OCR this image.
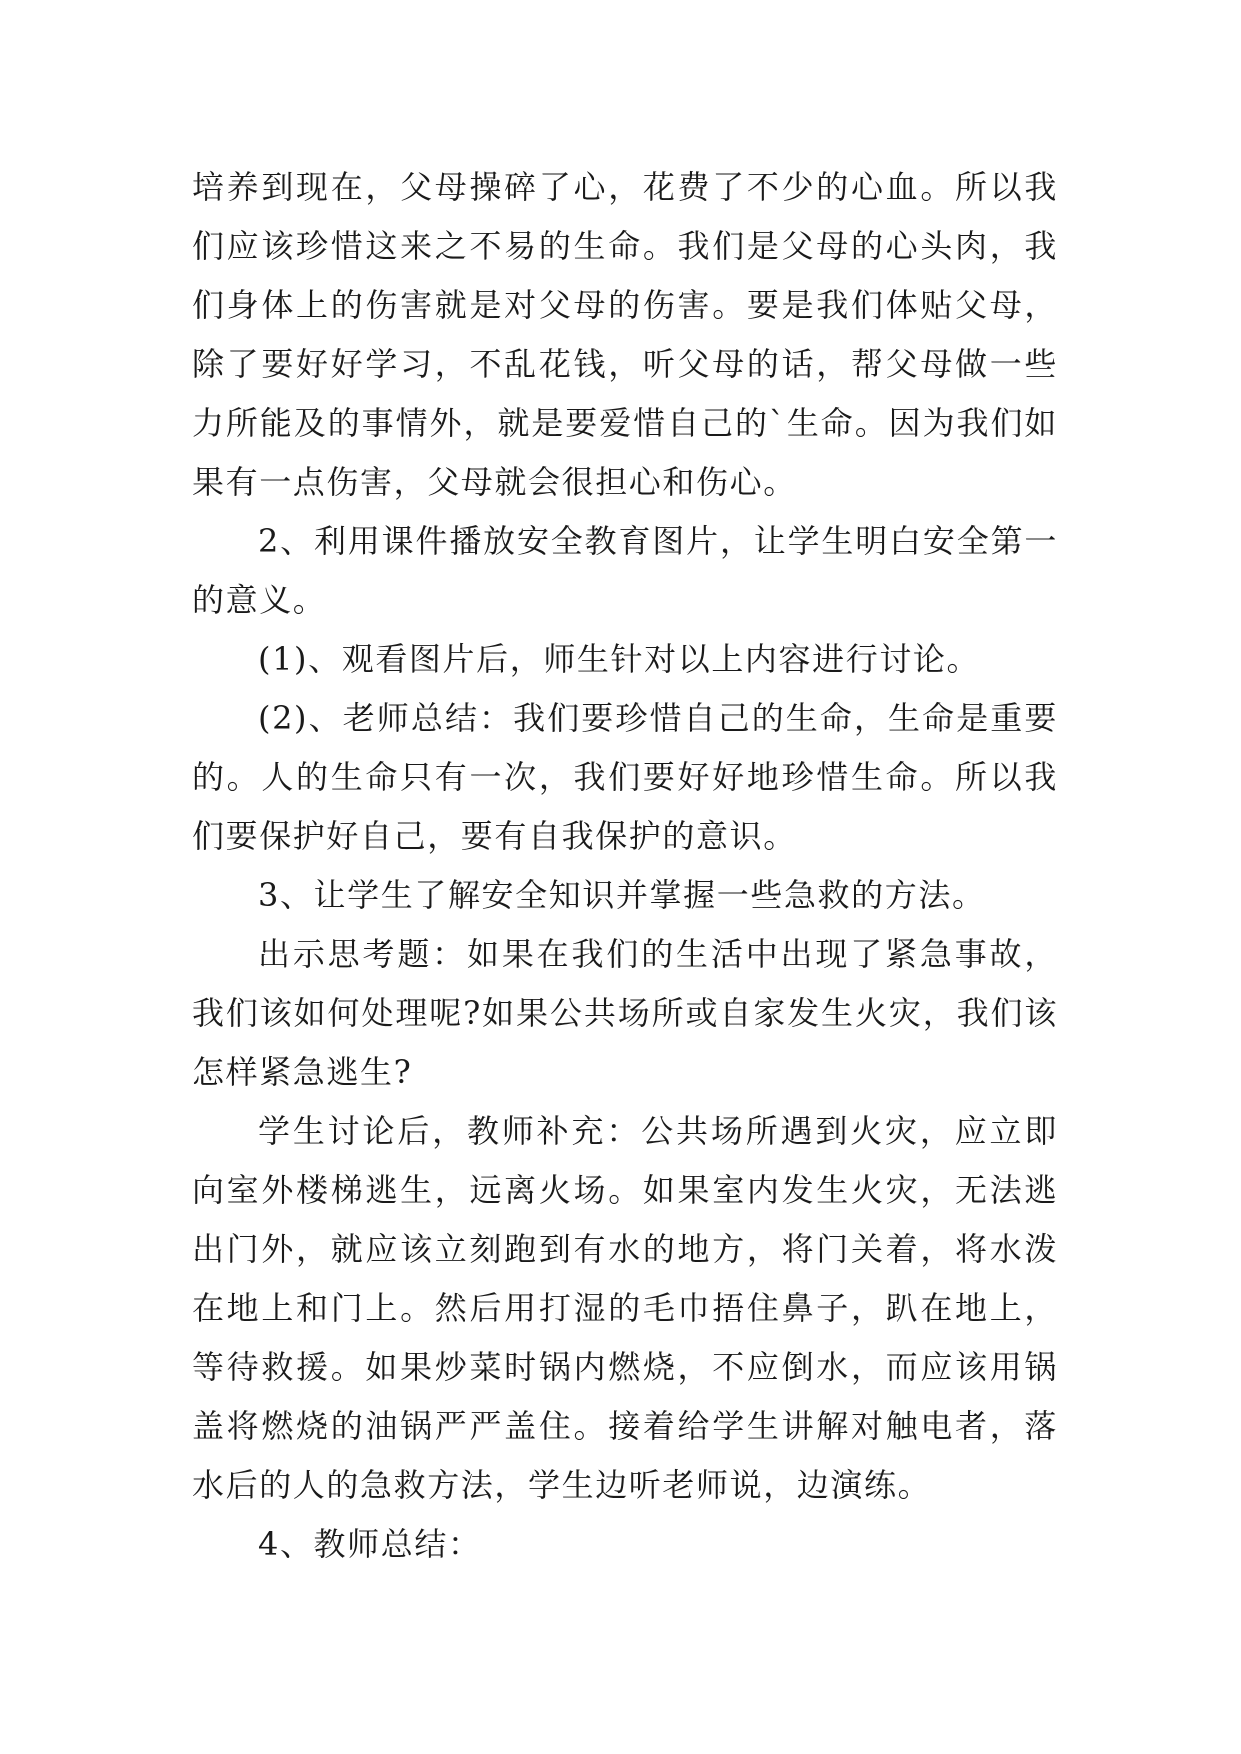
培养到现在，父母操碎了心，花费了不少的心血。所以我们应该珍惜这来之不易的生命。我们是父母的心头肉，我们身体上的伤害就是对父母的伤害。要是我们体贴父母，除了要好好学习，不乱花钱，听父母的话，帮父母做一些力所能及的事情外，就是要爱惜自己的`生命。因为我们如果有一点伤害，父母就会很担心和伤心。

2、利用课件播放安全教育图片，让学生明白安全第一的意义。

(1)、观看图片后，师生针对以上内容进行讨论。

(2)、老师总结：我们要珍惜自己的生命，生命是重要的。人的生命只有一次，我们要好好地珍惜生命。所以我们要保护好自己，要有自我保护的意识。

3、让学生了解安全知识并掌握一些急救的方法。

出示思考题：如果在我们的生活中出现了紧急事故，我们该如何处理呢?如果公共场所或自家发生火灾，我们该怎样紧急逃生?

学生讨论后，教师补充：公共场所遇到火灾，应立即向室外楼梯逃生，远离火场。如果室内发生火灾，无法逃出门外，就应该立刻跑到有水的地方，将门关着，将水泼在地上和门上。然后用打湿的毛巾捂住鼻子，趴在地上，等待救援。如果炒菜时锅内燃烧，不应倒水，而应该用锅盖将燃烧的油锅严严盖住。接着给学生讲解对触电者，落水后的人的急救方法，学生边听老师说，边演练。

4、教师总结：
